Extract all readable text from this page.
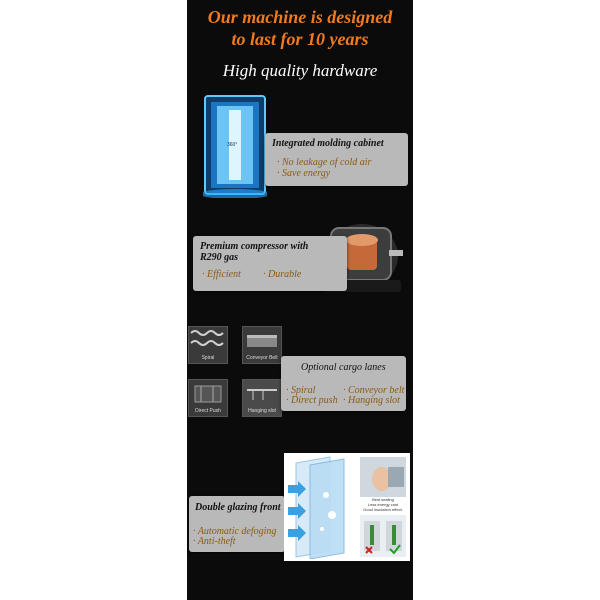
Our machine is designed
to last for 10 years
High quality hardware
360°	Integrated molding cabinet
· No leakage of cold air
· Save energy
Premium compressor with
R290 gas
· Efficient · Durable
Spiral	Conveyor Belt
Direct Push	Hanging slot
Optional cargo lanes
· Spiral	· Conveyor belt
· Direct push · Hanging slot
Double glazing front
· Automatic defoging
· Anti-theft
Best sealing
Less energy cost
Good insulation effect.
